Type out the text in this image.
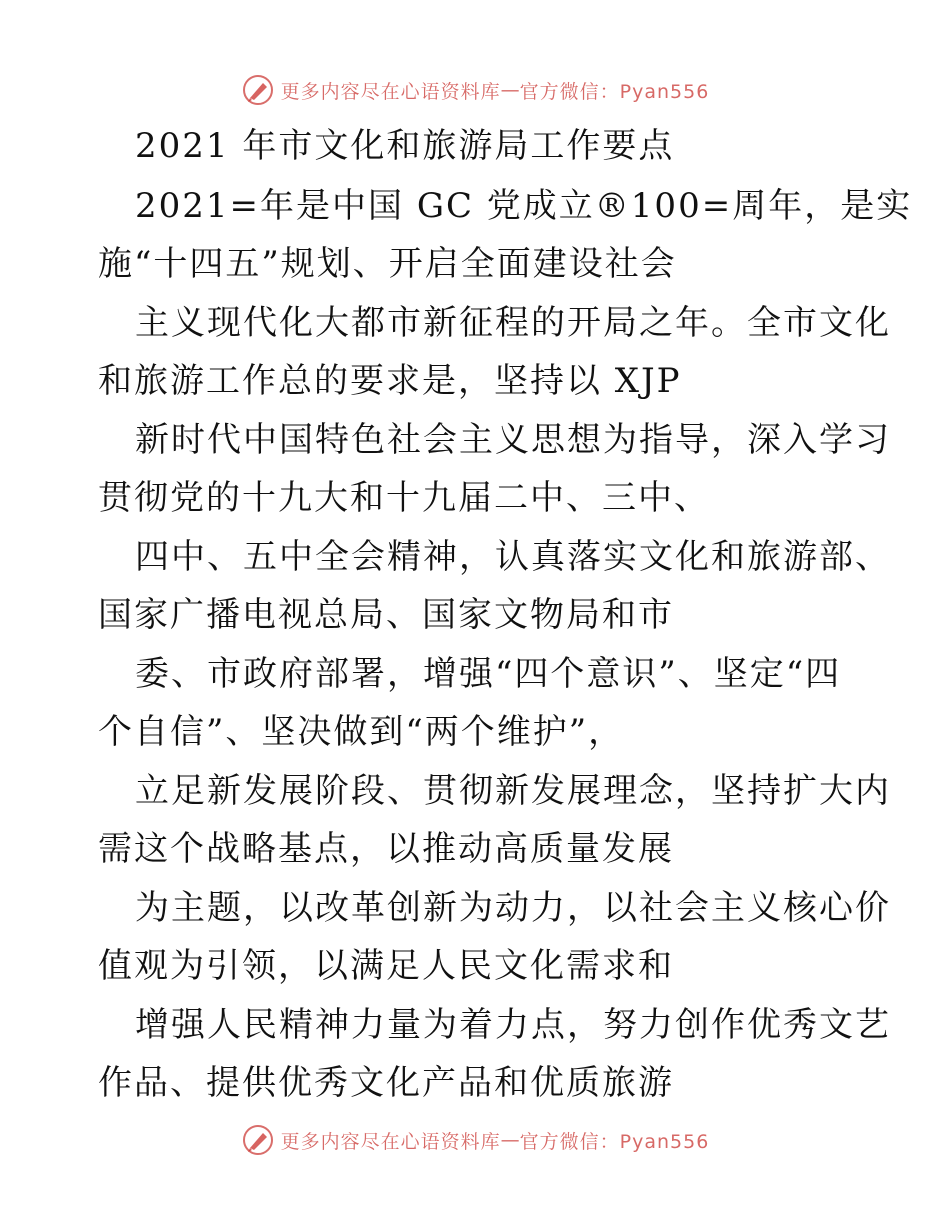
更多内容尽在心语资料库 — 官方微信：Pyan556
2021 年市文化和旅游局工作要点
2021=年是中国 GC 党成立®100=周年，是实
施“十四五”规划、开启全面建设社会
主义现代化大都市新征程的开局之年。全市文化
和旅游工作总的要求是，坚持以 XJP
新时代中国特色社会主义思想为指导，深入学习
贯彻党的十九大和十九届二中、三中、
四中、五中全会精神，认真落实文化和旅游部、
国家广播电视总局、国家文物局和市
委、市政府部署，增强“四个意识”、坚定“四
个自信”、坚决做到“两个维护”，
立足新发展阶段、贯彻新发展理念，坚持扩大内
需这个战略基点，以推动高质量发展
为主题，以改革创新为动力，以社会主义核心价
值观为引领，以满足人民文化需求和
增强人民精神力量为着力点，努力创作优秀文艺
作品、提供优秀文化产品和优质旅游
更多内容尽在心语资料库 — 官方微信：Pyan556
